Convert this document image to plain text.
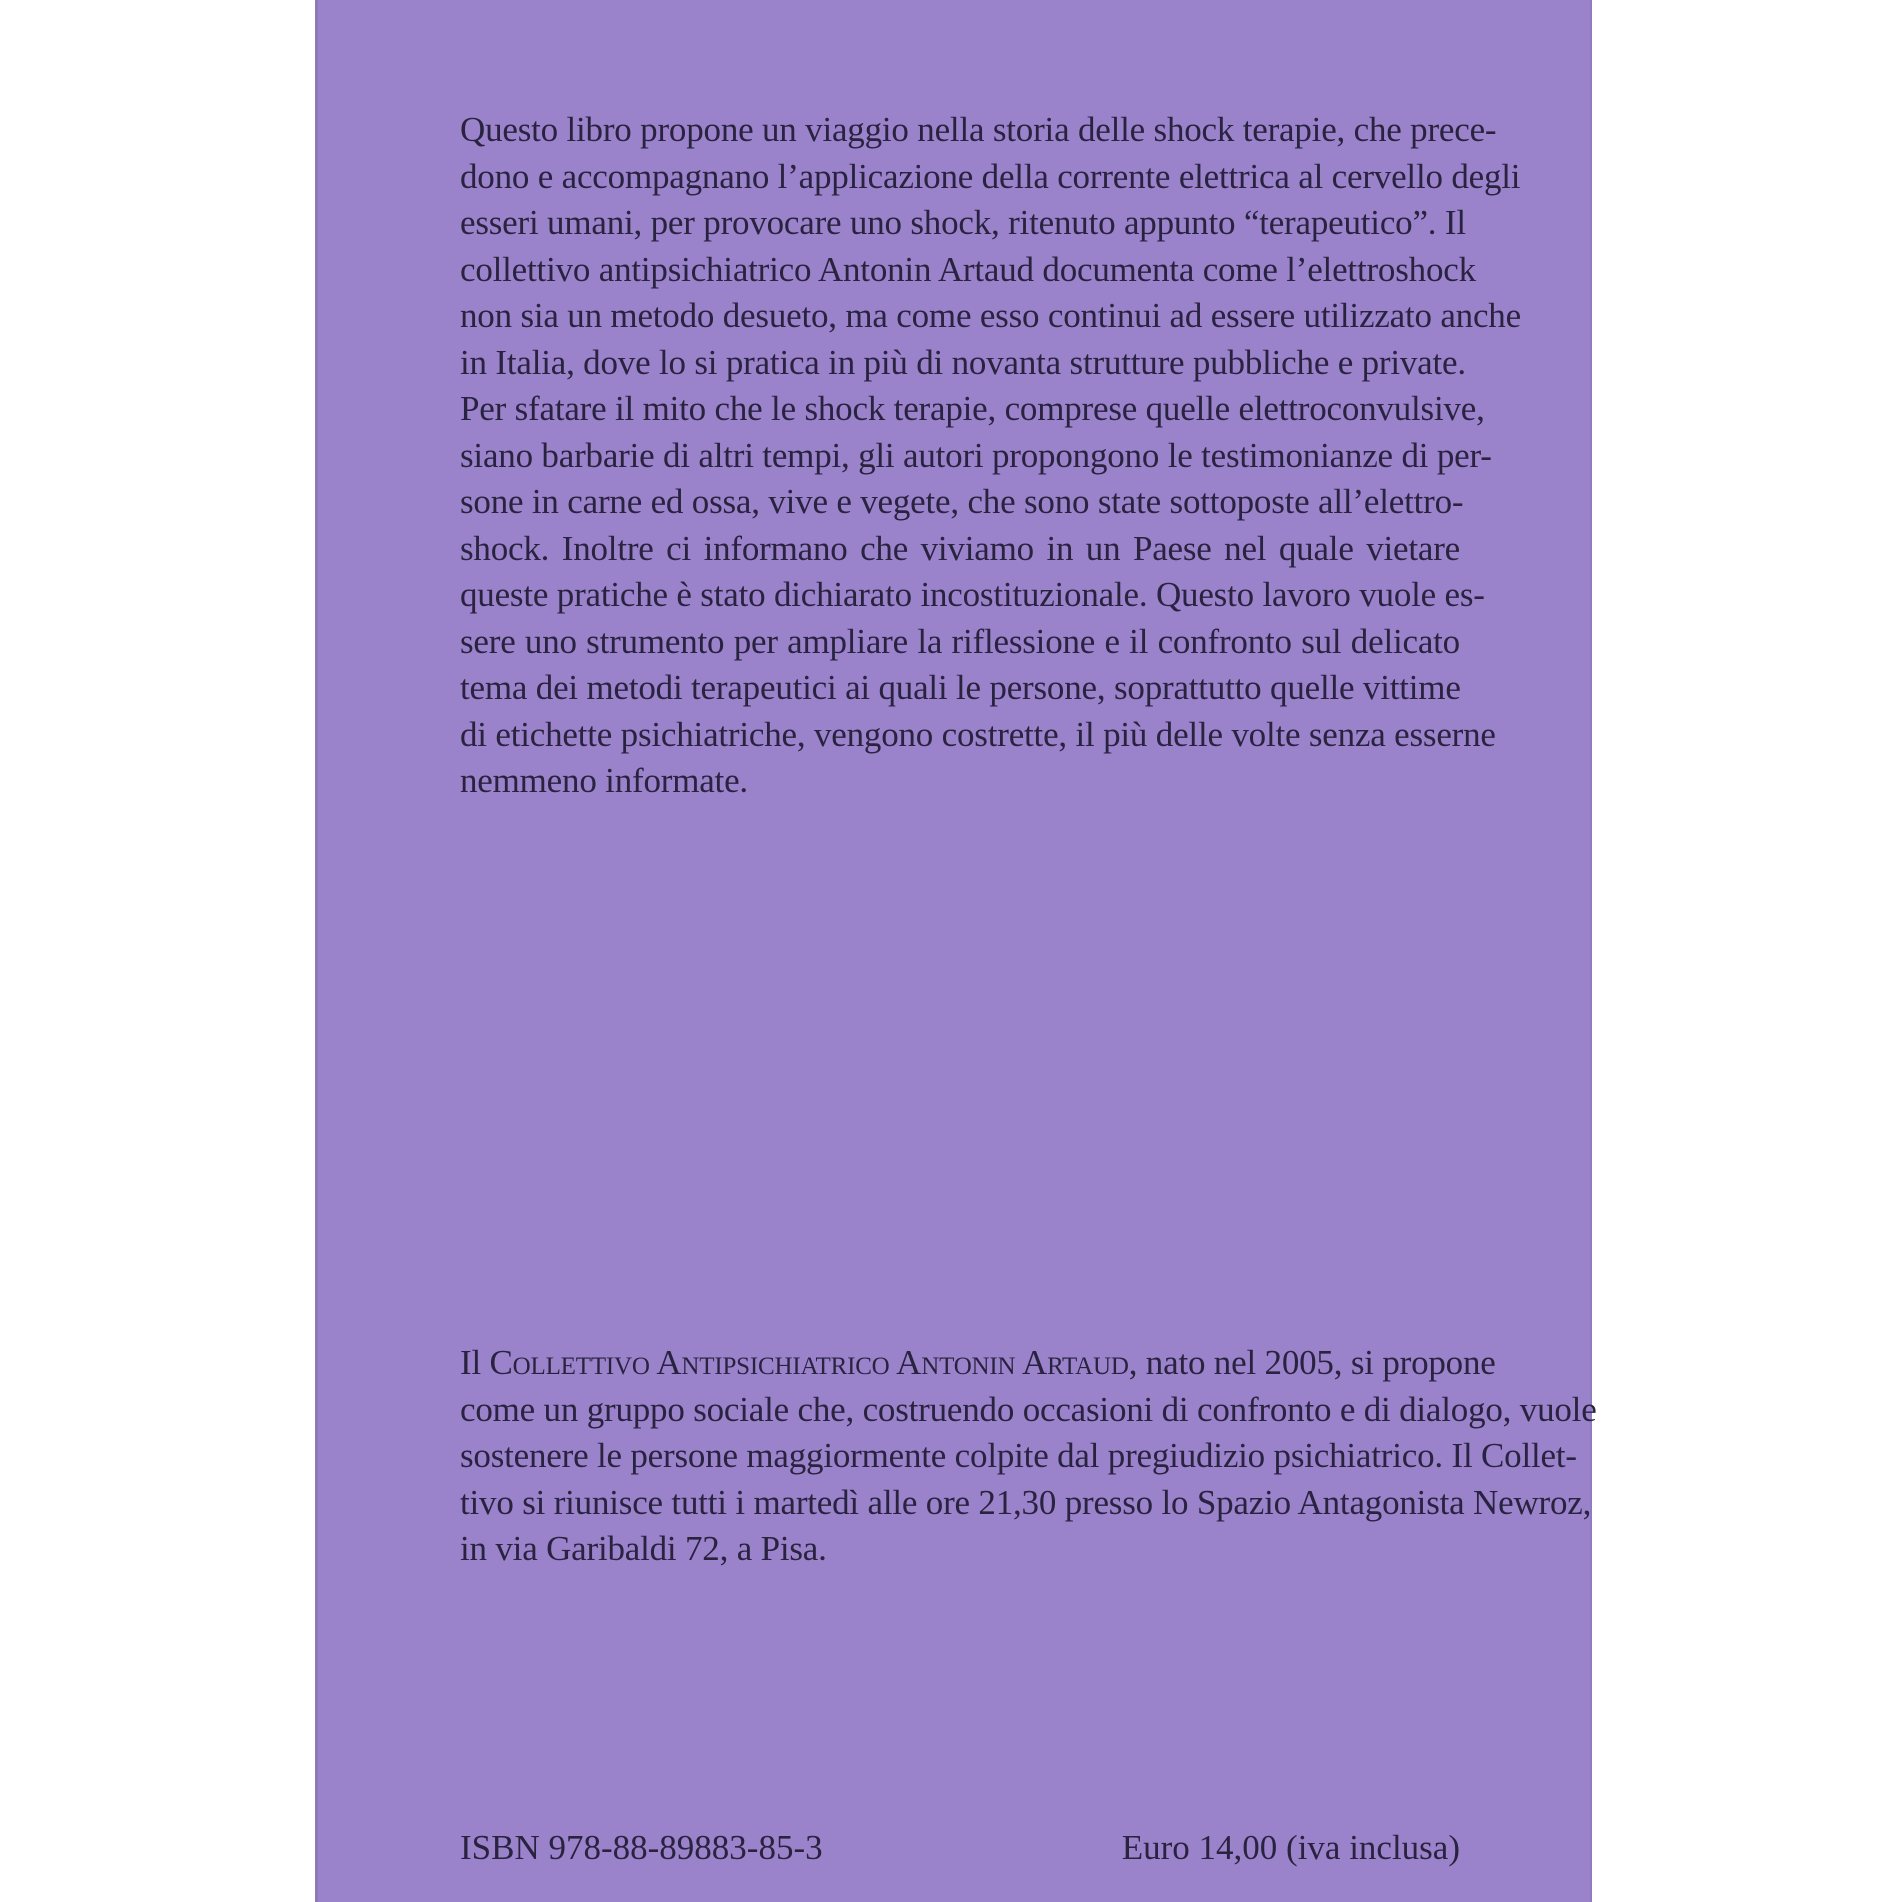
Questo libro propone un viaggio nella storia delle shock terapie, che prece-
dono e accompagnano l’applicazione della corrente elettrica al cervello degli
esseri umani, per provocare uno shock, ritenuto appunto “terapeutico”. Il
collettivo antipsichiatrico Antonin Artaud documenta come l’elettroshock
non sia un metodo desueto, ma come esso continui ad essere utilizzato anche
in Italia, dove lo si pratica in più di novanta strutture pubbliche e private.
Per sfatare il mito che le shock terapie, comprese quelle elettroconvulsive,
siano barbarie di altri tempi, gli autori propongono le testimonianze di per-
sone in carne ed ossa, vive e vegete, che sono state sottoposte all’elettro-
shock. Inoltre ci informano che viviamo in un Paese nel quale vietare
queste pratiche è stato dichiarato incostituzionale. Questo lavoro vuole es-
sere uno strumento per ampliare la riflessione e il confronto sul delicato
tema dei metodi terapeutici ai quali le persone, soprattutto quelle vittime
di etichette psichiatriche, vengono costrette, il più delle volte senza esserne
nemmeno informate.
Il Collettivo Antipsichiatrico Antonin Artaud, nato nel 2005, si propone
come un gruppo sociale che, costruendo occasioni di confronto e di dialogo, vuole
sostenere le persone maggiormente colpite dal pregiudizio psichiatrico. Il Collet-
tivo si riunisce tutti i martedì alle ore 21,30 presso lo Spazio Antagonista Newroz,
in via Garibaldi 72, a Pisa.
ISBN 978-88-89883-85-3	Euro 14,00 (iva inclusa)
